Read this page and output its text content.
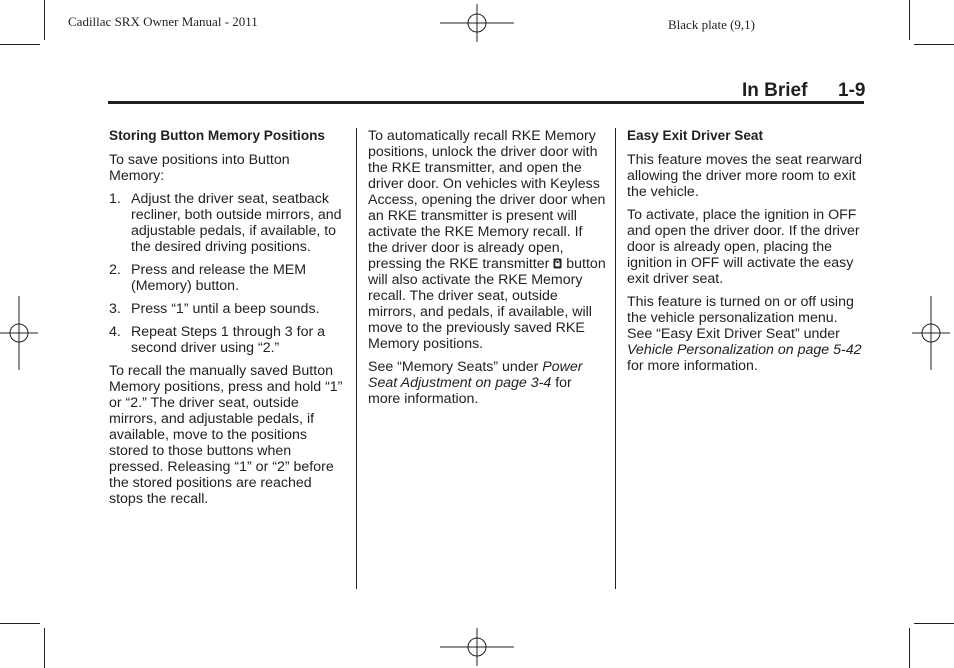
Cadillac SRX Owner Manual - 2011	Black plate (9,1)
In Brief 1-9

Storing Button Memory Positions

To save positions into Button Memory:

1. Adjust the driver seat, seatback recliner, both outside mirrors, and adjustable pedals, if available, to the desired driving positions.
2. Press and release the MEM (Memory) button.
3. Press “1” until a beep sounds.
4. Repeat Steps 1 through 3 for a second driver using “2.”

To recall the manually saved Button Memory positions, press and hold “1” or “2.” The driver seat, outside mirrors, and adjustable pedals, if available, move to the positions stored to those buttons when pressed. Releasing “1” or “2” before the stored positions are reached stops the recall.

To automatically recall RKE Memory positions, unlock the driver door with the RKE transmitter, and open the driver door. On vehicles with Keyless Access, opening the driver door when an RKE transmitter is present will activate the RKE Memory recall. If the driver door is already open, pressing the RKE transmitter button will also activate the RKE Memory recall. The driver seat, outside mirrors, and pedals, if available, will move to the previously saved RKE Memory positions.

See “Memory Seats” under Power Seat Adjustment on page 3-4 for more information.

Easy Exit Driver Seat

This feature moves the seat rearward allowing the driver more room to exit the vehicle.

To activate, place the ignition in OFF and open the driver door. If the driver door is already open, placing the ignition in OFF will activate the easy exit driver seat.

This feature is turned on or off using the vehicle personalization menu. See “Easy Exit Driver Seat” under Vehicle Personalization on page 5-42 for more information.
